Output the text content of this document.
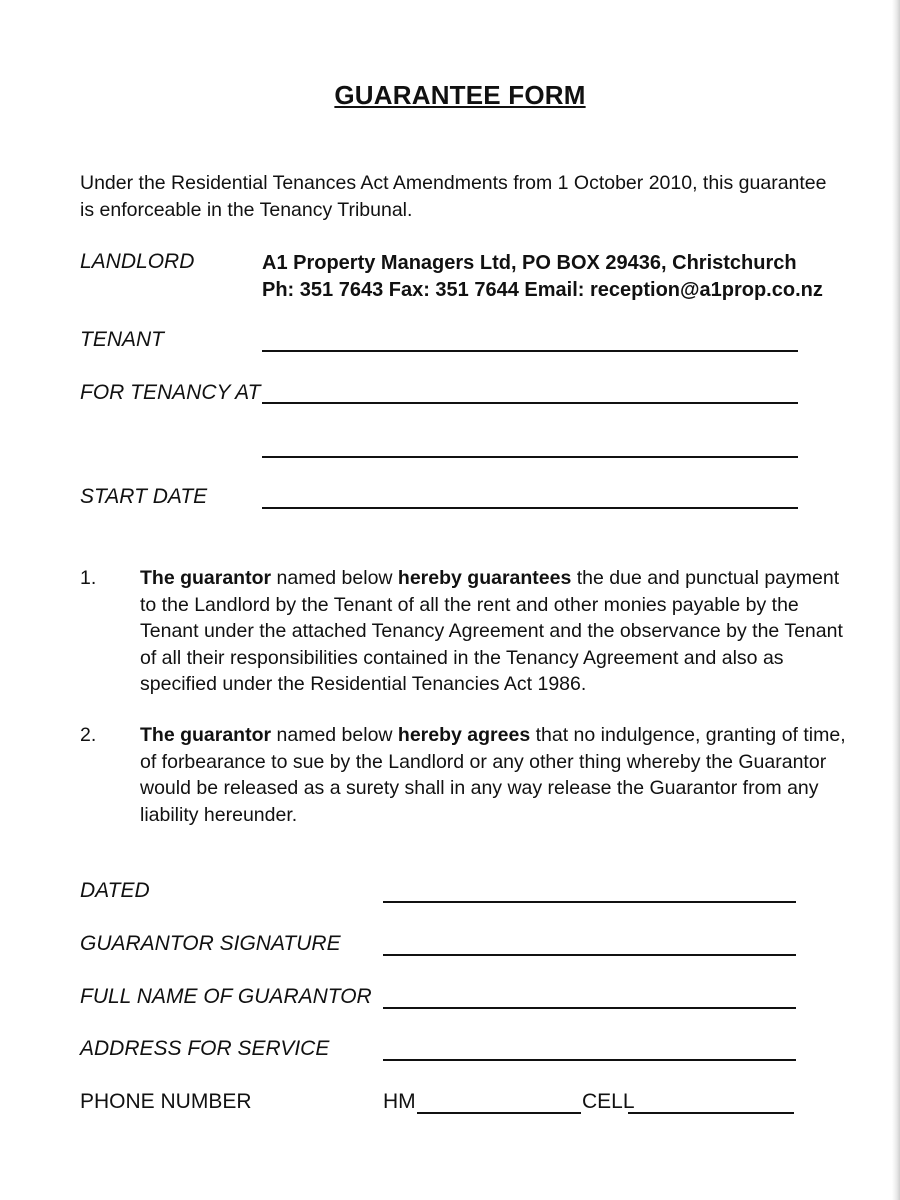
GUARANTEE FORM
Under the Residential Tenances Act Amendments from 1 October 2010, this guarantee is enforceable in the Tenancy Tribunal.
LANDLORD	A1 Property Managers Ltd, PO BOX 29436, Christchurch
Ph: 351 7643 Fax: 351 7644 Email: reception@a1prop.co.nz
TENANT
FOR TENANCY AT
START DATE
1. The guarantor named below hereby guarantees the due and punctual payment to the Landlord by the Tenant of all the rent and other monies payable by the Tenant under the attached Tenancy Agreement and the observance by the Tenant of all their responsibilities contained in the Tenancy Agreement and also as specified under the Residential Tenancies Act 1986.
2. The guarantor named below hereby agrees that no indulgence, granting of time, of forbearance to sue by the Landlord or any other thing whereby the Guarantor would be released as a surety shall in any way release the Guarantor from any liability hereunder.
DATED
GUARANTOR SIGNATURE
FULL NAME OF GUARANTOR
ADDRESS FOR SERVICE
PHONE NUMBER	HM	CELL
